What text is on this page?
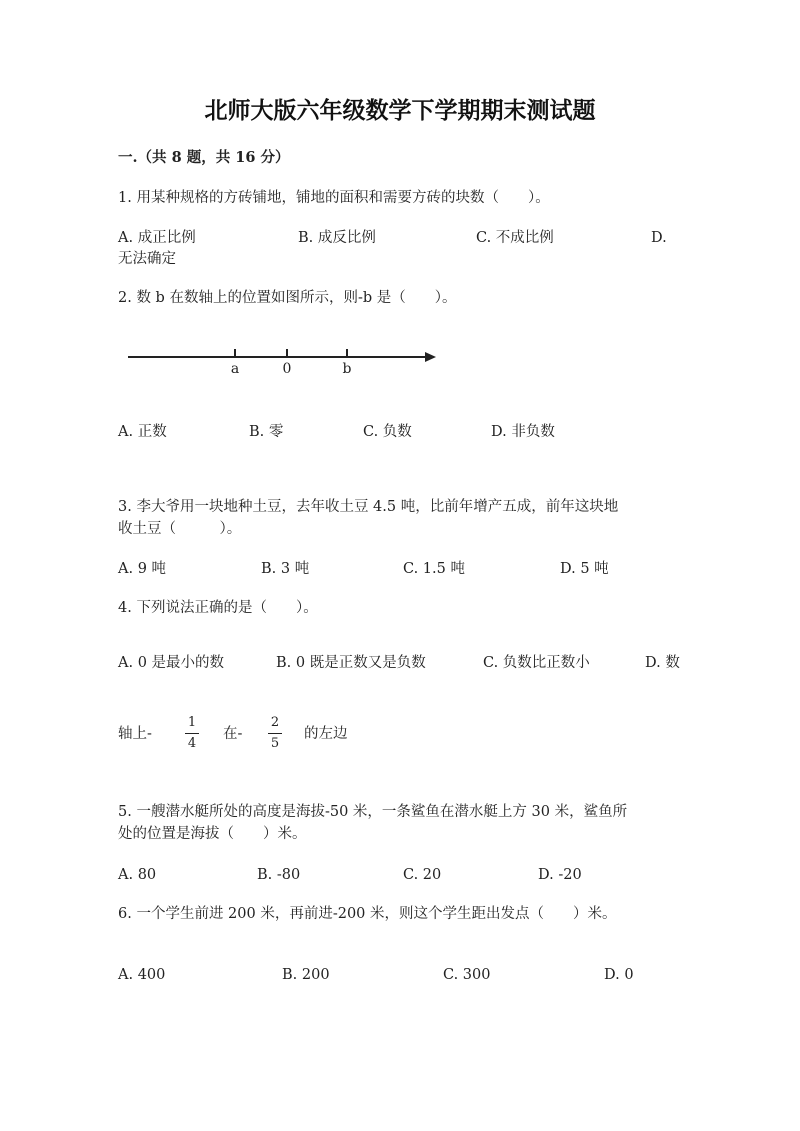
北师大版六年级数学下学期期末测试题
一.（共 8 题，共 16 分）
1. 用某种规格的方砖铺地，铺地的面积和需要方砖的块数（　　）。
A. 成正比例	B. 成反比例	C. 不成比例	D.
无法确定
2. 数 b 在数轴上的位置如图所示，则-b 是（　　）。
a	0	b
A. 正数	B. 零	C. 负数	D. 非负数
3. 李大爷用一块地种土豆，去年收土豆 4.5 吨，比前年增产五成，前年这块地
收土豆（　　　）。
A. 9 吨	B. 3 吨	C. 1.5 吨	D. 5 吨
4. 下列说法正确的是（　　）。
A. 0 是最小的数	B. 0 既是正数又是负数	C. 负数比正数小	D. 数
轴上-
1
4
在-
2
5
的左边
5. 一艘潜水艇所处的高度是海拔-50 米，一条鲨鱼在潜水艇上方 30 米，鲨鱼所
处的位置是海拔（　　）米。
A. 80	B. -80	C. 20	D. -20
6. 一个学生前进 200 米，再前进-200 米，则这个学生距出发点（　　）米。
A. 400	B. 200	C. 300	D. 0
